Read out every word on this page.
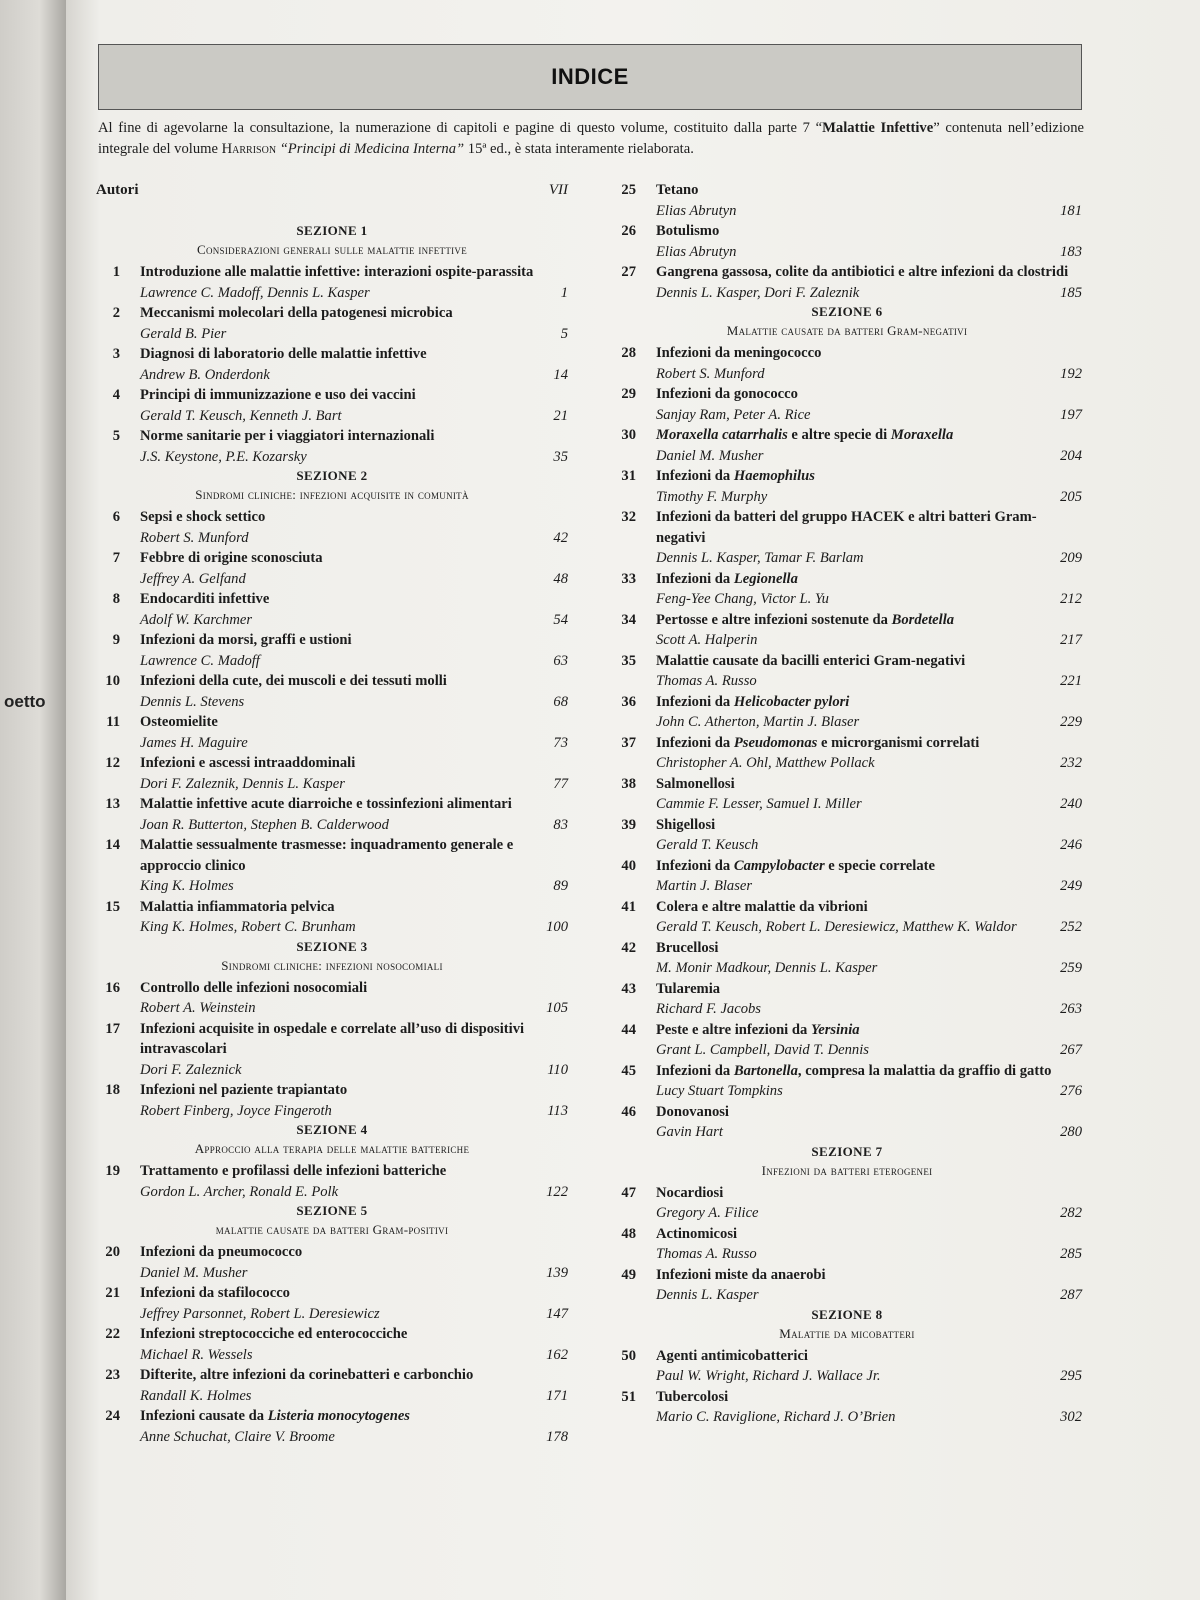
oetto
INDICE
Al fine di agevolarne la consultazione, la numerazione di capitoli e pagine di questo volume, costituito dalla parte 7 “Malattie Infettive” contenuta nell’edizione integrale del volume Harrison “Principi di Medicina Interna” 15ª ed., è stata interamente rielaborata.
Autori	VII
SEZIONE 1
Considerazioni generali sulle malattie infettive
1 Introduzione alle malattie infettive: interazioni ospite-parassita
Lawrence C. Madoff, Dennis L. Kasper	1
2 Meccanismi molecolari della patogenesi microbica
Gerald B. Pier	5
3 Diagnosi di laboratorio delle malattie infettive
Andrew B. Onderdonk	14
4 Principi di immunizzazione e uso dei vaccini
Gerald T. Keusch, Kenneth J. Bart	21
5 Norme sanitarie per i viaggiatori internazionali
J.S. Keystone, P.E. Kozarsky	35
SEZIONE 2
Sindromi cliniche: infezioni acquisite in comunità
6 Sepsi e shock settico
Robert S. Munford	42
7 Febbre di origine sconosciuta
Jeffrey A. Gelfand	48
8 Endocarditi infettive
Adolf W. Karchmer	54
9 Infezioni da morsi, graffi e ustioni
Lawrence C. Madoff	63
10 Infezioni della cute, dei muscoli e dei tessuti molli
Dennis L. Stevens	68
11 Osteomielite
James H. Maguire	73
12 Infezioni e ascessi intraaddominali
Dori F. Zaleznik, Dennis L. Kasper	77
13 Malattie infettive acute diarroiche e tossinfezioni alimentari
Joan R. Butterton, Stephen B. Calderwood	83
14 Malattie sessualmente trasmesse: inquadramento generale e approccio clinico
King K. Holmes	89
15 Malattia infiammatoria pelvica
King K. Holmes, Robert C. Brunham	100
SEZIONE 3
Sindromi cliniche: infezioni nosocomiali
16 Controllo delle infezioni nosocomiali
Robert A. Weinstein	105
17 Infezioni acquisite in ospedale e correlate all’uso di dispositivi intravascolari
Dori F. Zaleznick	110
18 Infezioni nel paziente trapiantato
Robert Finberg, Joyce Fingeroth	113
SEZIONE 4
Approccio alla terapia delle malattie batteriche
19 Trattamento e profilassi delle infezioni batteriche
Gordon L. Archer, Ronald E. Polk	122
SEZIONE 5
malattie causate da batteri Gram-positivi
20 Infezioni da pneumococco
Daniel M. Musher	139
21 Infezioni da stafilococco
Jeffrey Parsonnet, Robert L. Deresiewicz	147
22 Infezioni streptococciche ed enterococciche
Michael R. Wessels	162
23 Difterite, altre infezioni da corinebatteri e carbonchio
Randall K. Holmes	171
24 Infezioni causate da Listeria monocytogenes
Anne Schuchat, Claire V. Broome	178
25 Tetano
Elias Abrutyn	181
26 Botulismo
Elias Abrutyn	183
27 Gangrena gassosa, colite da antibiotici e altre infezioni da clostridi
Dennis L. Kasper, Dori F. Zaleznik	185
SEZIONE 6
Malattie causate da batteri Gram-negativi
28 Infezioni da meningococco
Robert S. Munford	192
29 Infezioni da gonococco
Sanjay Ram, Peter A. Rice	197
30 Moraxella catarrhalis e altre specie di Moraxella
Daniel M. Musher	204
31 Infezioni da Haemophilus
Timothy F. Murphy	205
32 Infezioni da batteri del gruppo HACEK e altri batteri Gram-negativi
Dennis L. Kasper, Tamar F. Barlam	209
33 Infezioni da Legionella
Feng-Yee Chang, Victor L. Yu	212
34 Pertosse e altre infezioni sostenute da Bordetella
Scott A. Halperin	217
35 Malattie causate da bacilli enterici Gram-negativi
Thomas A. Russo	221
36 Infezioni da Helicobacter pylori
John C. Atherton, Martin J. Blaser	229
37 Infezioni da Pseudomonas e microrganismi correlati
Christopher A. Ohl, Matthew Pollack	232
38 Salmonellosi
Cammie F. Lesser, Samuel I. Miller	240
39 Shigellosi
Gerald T. Keusch	246
40 Infezioni da Campylobacter e specie correlate
Martin J. Blaser	249
41 Colera e altre malattie da vibrioni
Gerald T. Keusch, Robert L. Deresiewicz, Matthew K. Waldor	252
42 Brucellosi
M. Monir Madkour, Dennis L. Kasper	259
43 Tularemia
Richard F. Jacobs	263
44 Peste e altre infezioni da Yersinia
Grant L. Campbell, David T. Dennis	267
45 Infezioni da Bartonella, compresa la malattia da graffio di gatto
Lucy Stuart Tompkins	276
46 Donovanosi
Gavin Hart	280
SEZIONE 7
Infezioni da batteri eterogenei
47 Nocardiosi
Gregory A. Filice	282
48 Actinomicosi
Thomas A. Russo	285
49 Infezioni miste da anaerobi
Dennis L. Kasper	287
SEZIONE 8
Malattie da micobatteri
50 Agenti antimicobatterici
Paul W. Wright, Richard J. Wallace Jr.	295
51 Tubercolosi
Mario C. Raviglione, Richard J. O’Brien	302
